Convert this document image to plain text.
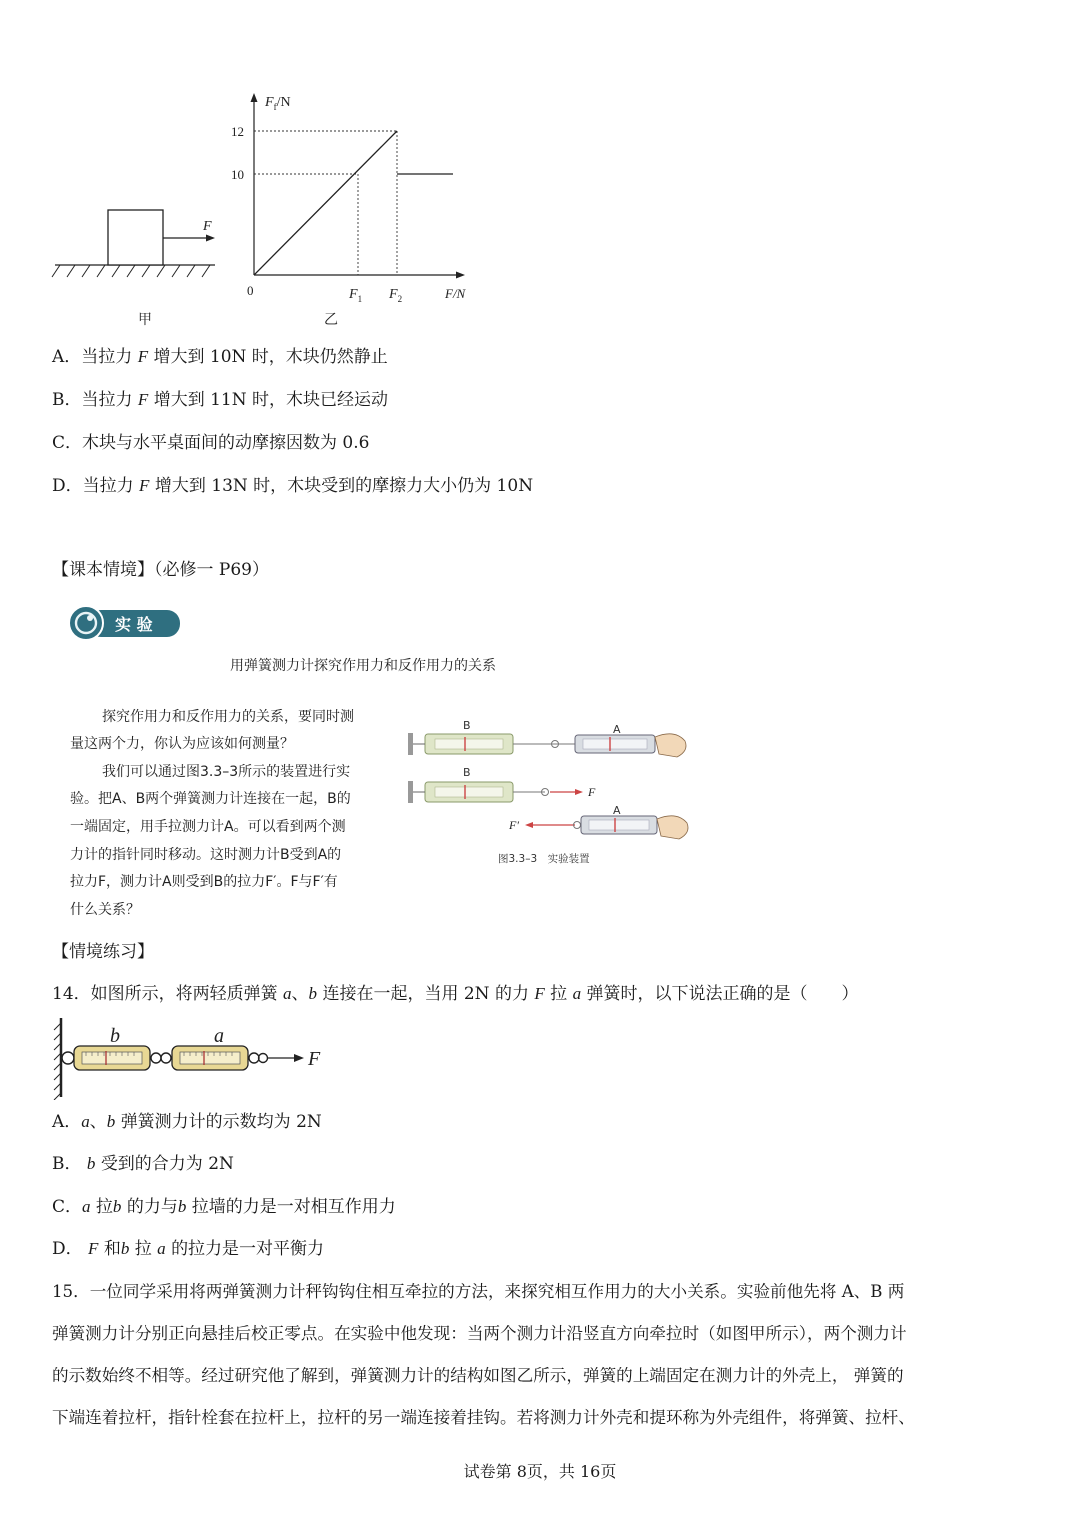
F
甲
$F_f/N$
12
10
0	$F_1$ $F_2$	F/N
乙
A．当拉力 F 增大到 10N 时，木块仍然静止
B．当拉力 F 增大到 11N 时，木块已经运动
C．木块与水平桌面间的动摩擦因数为 0.6
D．当拉力 F 增大到 13N 时，木块受到的摩擦力大小仍为 10N
【课本情境】（必修一 P69）
实 验
用弹簧测力计探究作用力和反作用力的关系
探究作用力和反作用力的关系，要同时测
量这两个力，你认为应该如何测量？
我们可以通过图3.3–3所示的装置进行实
验。把A、B两个弹簧测力计连接在一起，B的
一端固定，用手拉测力计A。可以看到两个测
力计的指针同时移动。这时测力计B受到A的
拉力F，测力计A则受到B的拉力F′。F与F′有
什么关系？
B	A
B
F
F′
A
图3.3–3　实验装置
【情境练习】
14．如图所示，将两轻质弹簧 a、b 连接在一起，当用 2N 的力 F 拉 a 弹簧时，以下说法正确的是（　　）
b	a
F
A．a、b 弹簧测力计的示数均为 2N
B． b 受到的合力为 2N
C．a 拉b 的力与b 拉墙的力是一对相互作用力
D． F 和b 拉 a 的拉力是一对平衡力
15．一位同学采用将两弹簧测力计秤钩钩住相互牵拉的方法，来探究相互作用力的大小关系。实验前他先将 A、B 两
弹簧测力计分别正向悬挂后校正零点。在实验中他发现：当两个测力计沿竖直方向牵拉时（如图甲所示），两个测力计
的示数始终不相等。经过研究他了解到，弹簧测力计的结构如图乙所示，弹簧的上端固定在测力计的外壳上， 弹簧的
下端连着拉杆，指针栓套在拉杆上，拉杆的另一端连接着挂钩。若将测力计外壳和提环称为外壳组件，将弹簧、拉杆、
试卷第 8页，共 16页
